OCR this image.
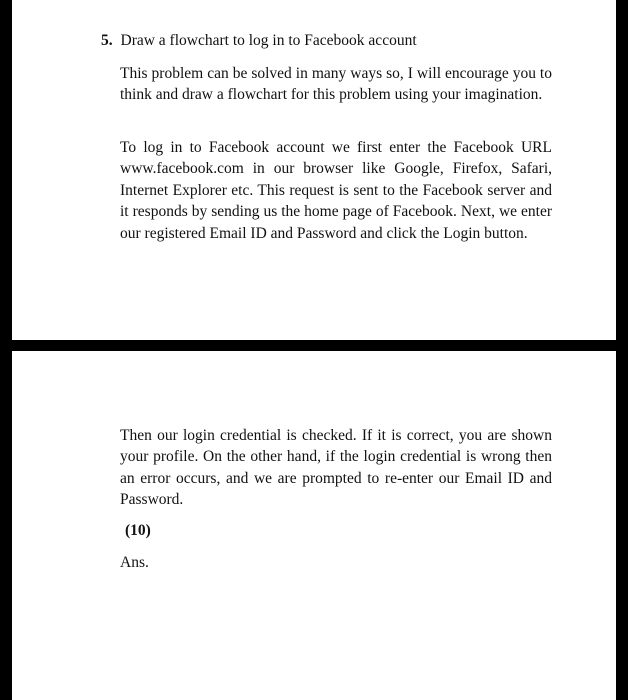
5. Draw a flowchart to log in to Facebook account

This problem can be solved in many ways so, I will encourage you to think and draw a flowchart for this problem using your imagination.

To log in to Facebook account we first enter the Facebook URL www.facebook.com in our browser like Google, Firefox, Safari, Internet Explorer etc. This request is sent to the Facebook server and it responds by sending us the home page of Facebook. Next, we enter our registered Email ID and Password and click the Login button.

Then our login credential is checked. If it is correct, you are shown your profile. On the other hand, if the login credential is wrong then an error occurs, and we are prompted to re-enter our Email ID and Password.

(10)
Ans.
